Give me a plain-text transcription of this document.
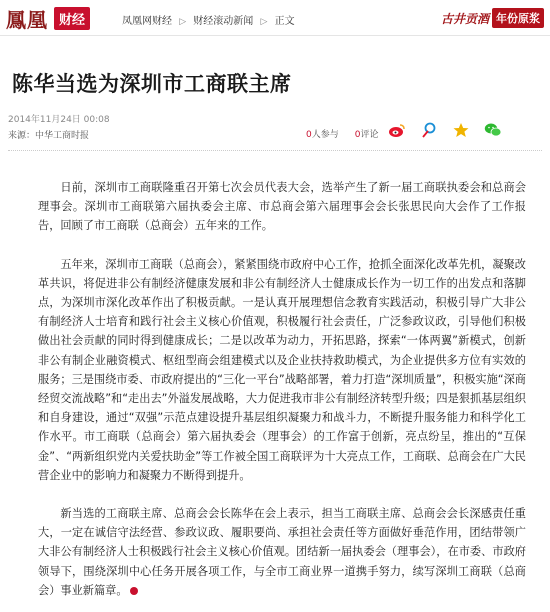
鳳凰 财经	凤凰网财经 ▷ 财经滚动新闻 ▷ 正文	古井贡酒 年份原浆
陈华当选为深圳市工商联主席
2014年11月24日 00:08
来源：中华工商时报	0人参与 0评论

日前，深圳市工商联隆重召开第七次会员代表大会，选举产生了新一届工商联执委会和总商会理事会。深圳市工商联第六届执委会主席、市总商会第六届理事会会长张思民向大会作了工作报告，回顾了市工商联（总商会）五年来的工作。

五年来，深圳市工商联（总商会），紧紧围绕市政府中心工作，抢抓全面深化改革先机，凝聚改革共识，将促进非公有制经济健康发展和非公有制经济人士健康成长作为一切工作的出发点和落脚点，为深圳市深化改革作出了积极贡献。一是认真开展理想信念教育实践活动，积极引导广大非公有制经济人士培育和践行社会主义核心价值观，积极履行社会责任，广泛参政议政，引导他们积极做出社会贡献的同时得到健康成长；二是以改革为动力，开拓思路，探索“一体两翼”新模式，创新非公有制企业融资模式、枢纽型商会组建模式以及企业扶持救助模式，为企业提供多方位有实效的服务；三是围绕市委、市政府提出的“三化一平台”战略部署，着力打造“深圳质量”，积极实施“深商经贸交流战略”和“走出去”外溢发展战略，大力促进我市非公有制经济转型升级；四是狠抓基层组织和自身建设，通过“双强”示范点建设提升基层组织凝聚力和战斗力，不断提升服务能力和科学化工作水平。市工商联（总商会）第六届执委会（理事会）的工作富于创新，亮点纷呈，推出的“互保金”、“两新组织党内关爱扶助金”等工作被全国工商联评为十大亮点工作，工商联、总商会在广大民营企业中的影响力和凝聚力不断得到提升。

新当选的工商联主席、总商会会长陈华在会上表示，担当工商联主席、总商会会长深感责任重大，一定在诚信守法经营、参政议政、履职要尚、承担社会责任等方面做好垂范作用，团结带领广大非公有制经济人士积极践行社会主义核心价值观。团结新一届执委会（理事会），在市委、市政府领导下，围绕深圳中心任务开展各项工作，与全市工商业界一道携手努力，续写深圳工商联（总商会）事业新篇章。
